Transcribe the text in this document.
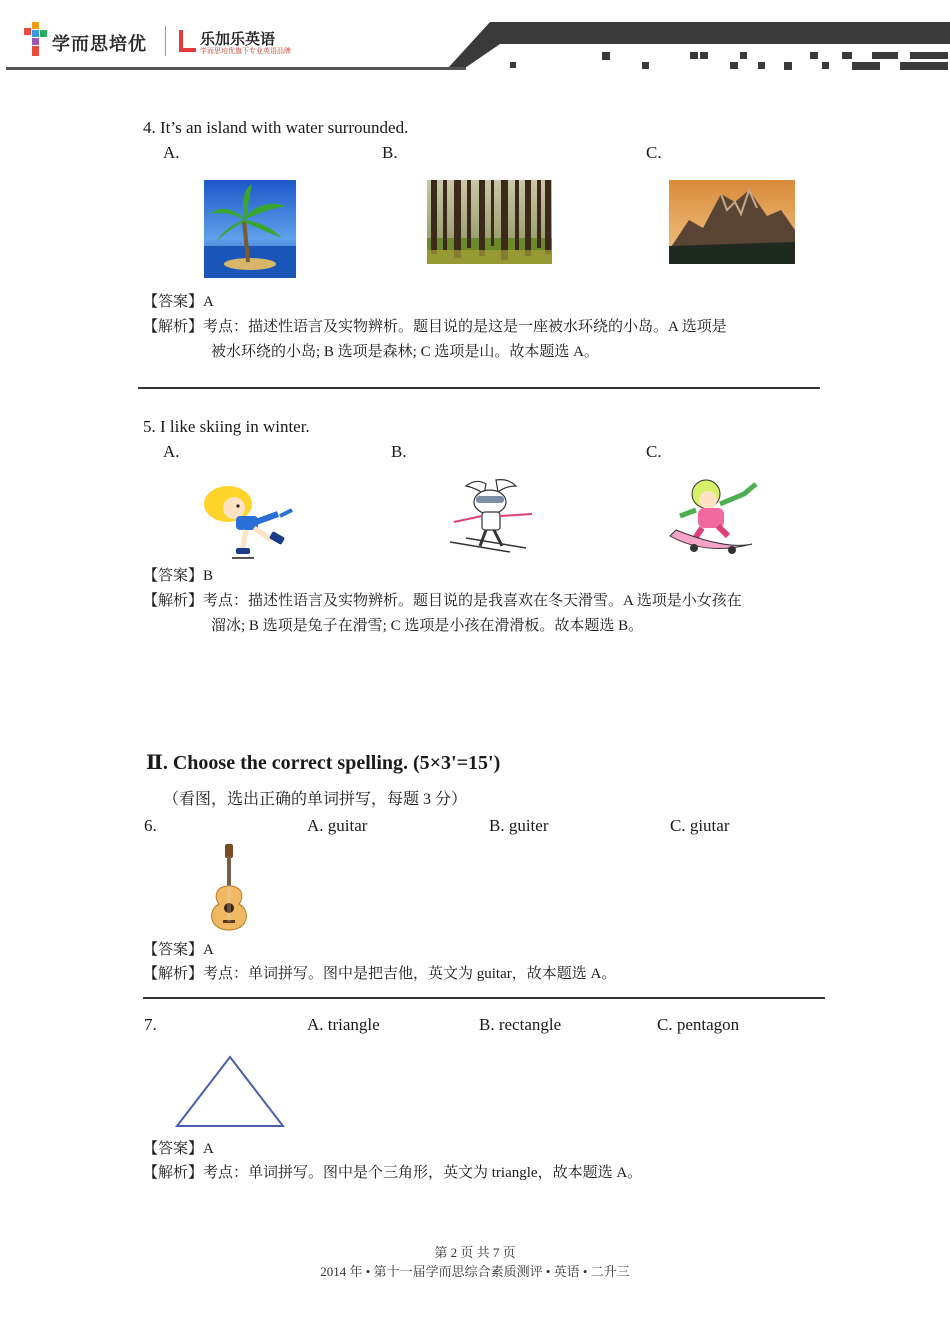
学而思培优	乐加乐英语
学而思培优旗下专业英语品牌
4. It’s an island with water surrounded.
A.	B.	C.
【答案】A
【解析】考点：描述性语言及实物辨析。题目说的是这是一座被水环绕的小岛。A 选项是
被水环绕的小岛; B 选项是森林; C 选项是山。故本题选 A。
5. I like skiing in winter.
A.	B.	C.
【答案】B
【解析】考点：描述性语言及实物辨析。题目说的是我喜欢在冬天滑雪。A 选项是小女孩在
溜冰; B 选项是兔子在滑雪; C 选项是小孩在滑滑板。故本题选 B。
Ⅱ. Choose the correct spelling. (5×3'=15')
（看图，选出正确的单词拼写，每题 3 分）
6.	A. guitar	B. guiter	C. giutar
【答案】A
【解析】考点：单词拼写。图中是把吉他，英文为 guitar，故本题选 A。
7.	A. triangle	B. rectangle	C. pentagon
【答案】A
【解析】考点：单词拼写。图中是个三角形，英文为 triangle，故本题选 A。
第 2 页 共 7 页
2014 年 • 第十一届学而思综合素质测评 • 英语 • 二升三
